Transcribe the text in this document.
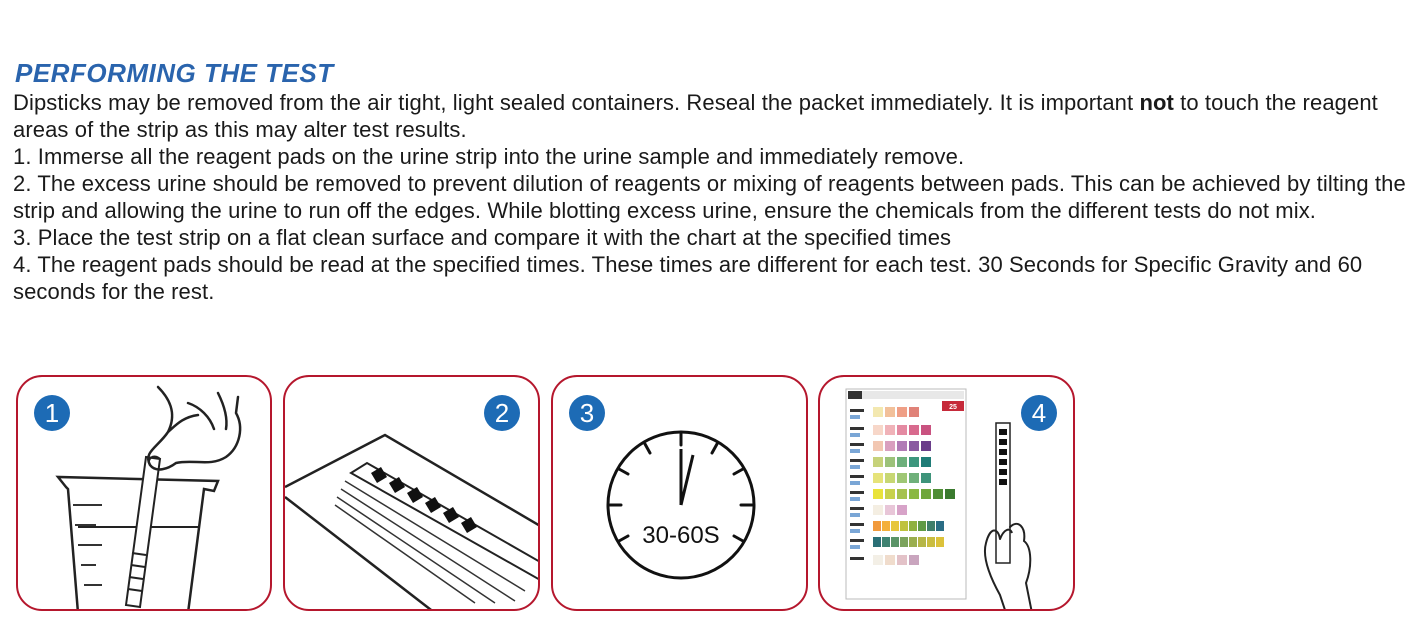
PERFORMING THE TEST

Dipsticks may be removed from the air tight, light sealed containers. Reseal the packet immediately. It is important not to touch the reagent areas of the strip as this may alter test results.

1. Immerse all the reagent pads on the urine strip into the urine sample and immediately remove.

2. The excess urine should be removed to prevent dilution of reagents or mixing of reagents between pads. This can be achieved by tilting the strip and allowing the urine to run off the edges. While blotting excess urine, ensure the chemicals from the different tests do not mix.

3. Place the test strip on a flat clean surface and compare it with the chart at the specified times

4. The reagent pads should be read at the specified times. These times are different for each test. 30 Seconds for Specific Gravity and 60 seconds for the rest.

1	2	3
30-60S
4
25
